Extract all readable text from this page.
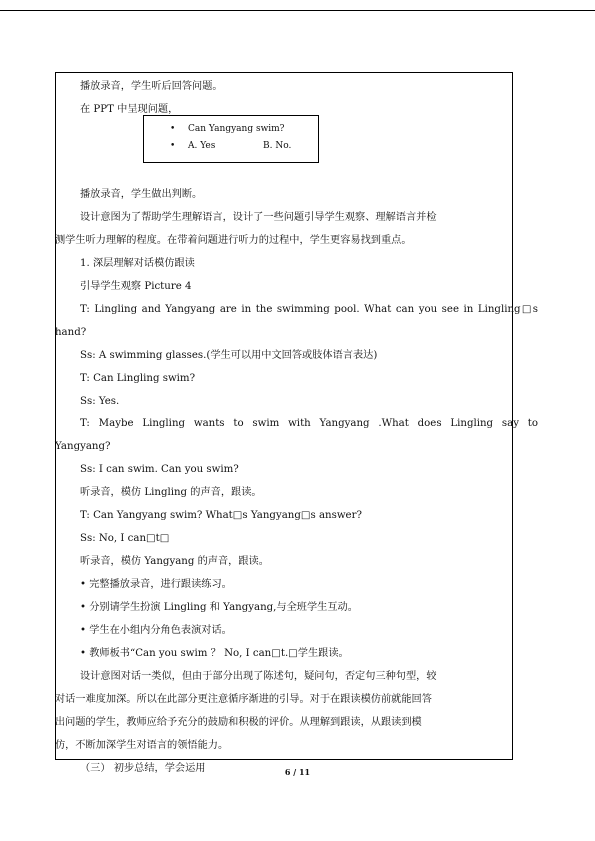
播放录音，学生听后回答问题。
在 PPT 中呈现问题，
• Can Yangyang swim?
• A. Yes	B. No.
播放录音，学生做出判断。
设计意图为了帮助学生理解语言，设计了一些问题引导学生观察、理解语言并检
测学生听力理解的程度。在带着问题进行听力的过程中，学生更容易找到重点。
1. 深层理解对话模仿跟读
引导学生观察 Picture 4
T: Lingling and Yangyang are in the swimming pool. What can you see in Lingling□s
hand?
Ss: A swimming glasses.(学生可以用中文回答或肢体语言表达)
T: Can Lingling swim?
Ss: Yes.
T: Maybe Lingling wants to swim with Yangyang .What does Lingling say to
Yangyang?
Ss: I can swim. Can you swim?
听录音，模仿 Lingling 的声音，跟读。
T: Can Yangyang swim? What□s Yangyang□s answer?
Ss: No, I can□t□
听录音，模仿 Yangyang 的声音，跟读。
• 完整播放录音，进行跟读练习。
• 分别请学生扮演 Lingling 和 Yangyang,与全班学生互动。
• 学生在小组内分角色表演对话。
• 教师板书“Can you swim ？ No, I can□t.□学生跟读。
设计意图对话一类似，但由于部分出现了陈述句，疑问句，否定句三种句型，较
对话一难度加深。所以在此部分更注意循序渐进的引导。对于在跟读模仿前就能回答
出问题的学生，教师应给予充分的鼓励和积极的评价。从理解到跟读，从跟读到模
仿，不断加深学生对语言的领悟能力。
（三） 初步总结，学会运用	6 / 11
